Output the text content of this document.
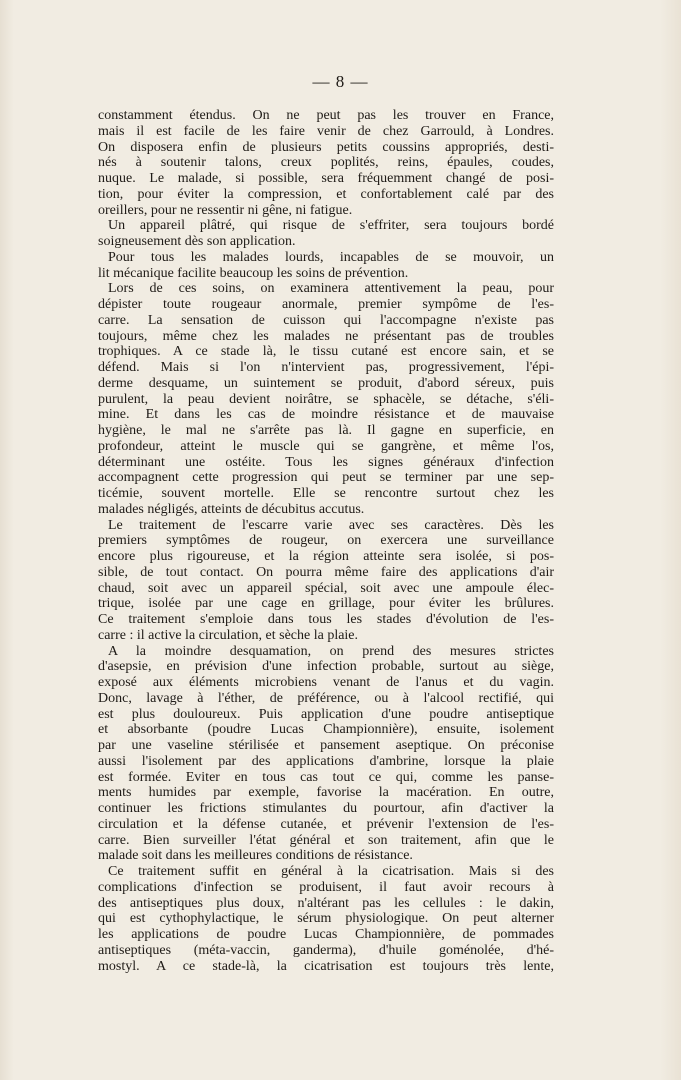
— 8 —
constamment étendus. On ne peut pas les trouver en France,
mais il est facile de les faire venir de chez Garrould, à Londres.
On disposera enfin de plusieurs petits coussins appropriés, desti-
nés à soutenir talons, creux poplités, reins, épaules, coudes,
nuque. Le malade, si possible, sera fréquemment changé de posi-
tion, pour éviter la compression, et confortablement calé par des
oreillers, pour ne ressentir ni gêne, ni fatigue.
Un appareil plâtré, qui risque de s'effriter, sera toujours bordé
soigneusement dès son application.
Pour tous les malades lourds, incapables de se mouvoir, un
lit mécanique facilite beaucoup les soins de prévention.
Lors de ces soins, on examinera attentivement la peau, pour
dépister toute rougeaur anormale, premier sympôme de l'es-
carre. La sensation de cuisson qui l'accompagne n'existe pas
toujours, même chez les malades ne présentant pas de troubles
trophiques. A ce stade là, le tissu cutané est encore sain, et se
défend. Mais si l'on n'intervient pas, progressivement, l'épi-
derme desquame, un suintement se produit, d'abord séreux, puis
purulent, la peau devient noirâtre, se sphacèle, se détache, s'éli-
mine. Et dans les cas de moindre résistance et de mauvaise
hygiène, le mal ne s'arrête pas là. Il gagne en superficie, en
profondeur, atteint le muscle qui se gangrène, et même l'os,
déterminant une ostéite. Tous les signes généraux d'infection
accompagnent cette progression qui peut se terminer par une sep-
ticémie, souvent mortelle. Elle se rencontre surtout chez les
malades négligés, atteints de décubitus accutus.
Le traitement de l'escarre varie avec ses caractères. Dès les
premiers symptômes de rougeur, on exercera une surveillance
encore plus rigoureuse, et la région atteinte sera isolée, si pos-
sible, de tout contact. On pourra même faire des applications d'air
chaud, soit avec un appareil spécial, soit avec une ampoule élec-
trique, isolée par une cage en grillage, pour éviter les brûlures.
Ce traitement s'emploie dans tous les stades d'évolution de l'es-
carre : il active la circulation, et sèche la plaie.
A la moindre desquamation, on prend des mesures strictes
d'asepsie, en prévision d'une infection probable, surtout au siège,
exposé aux éléments microbiens venant de l'anus et du vagin.
Donc, lavage à l'éther, de préférence, ou à l'alcool rectifié, qui
est plus douloureux. Puis application d'une poudre antiseptique
et absorbante (poudre Lucas Championnière), ensuite, isolement
par une vaseline stérilisée et pansement aseptique. On préconise
aussi l'isolement par des applications d'ambrine, lorsque la plaie
est formée. Eviter en tous cas tout ce qui, comme les panse-
ments humides par exemple, favorise la macération. En outre,
continuer les frictions stimulantes du pourtour, afin d'activer la
circulation et la défense cutanée, et prévenir l'extension de l'es-
carre. Bien surveiller l'état général et son traitement, afin que le
malade soit dans les meilleures conditions de résistance.
Ce traitement suffit en général à la cicatrisation. Mais si des
complications d'infection se produisent, il faut avoir recours à
des antiseptiques plus doux, n'altérant pas les cellules : le dakin,
qui est cythophylactique, le sérum physiologique. On peut alterner
les applications de poudre Lucas Championnière, de pommades
antiseptiques (méta-vaccin, ganderma), d'huile goménolée, d'hé-
mostyl. A ce stade-là, la cicatrisation est toujours très lente,
